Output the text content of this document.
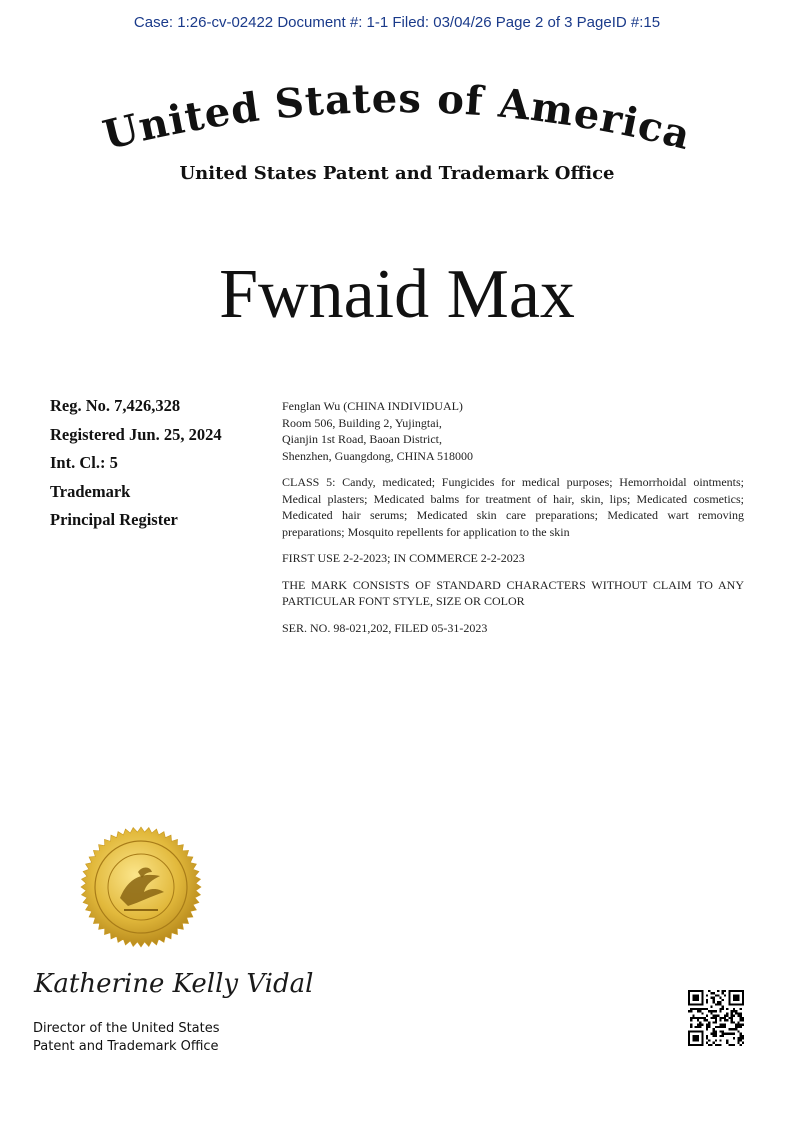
Case: 1:26-cv-02422 Document #: 1-1 Filed: 03/04/26 Page 2 of 3 PageID #:15
United States of America
United States Patent and Trademark Office
Fwnaid Max
Reg. No. 7,426,328
Registered Jun. 25, 2024
Int. Cl.: 5
Trademark
Principal Register

Fenglan Wu (CHINA INDIVIDUAL)
Room 506, Building 2, Yujingtai,
Qianjin 1st Road, Baoan District,
Shenzhen, Guangdong, CHINA 518000

CLASS 5: Candy, medicated; Fungicides for medical purposes; Hemorrhoidal ointments; Medical plasters; Medicated balms for treatment of hair, skin, lips; Medicated cosmetics; Medicated hair serums; Medicated skin care preparations; Medicated wart removing preparations; Mosquito repellents for application to the skin

FIRST USE 2-2-2023; IN COMMERCE 2-2-2023

THE MARK CONSISTS OF STANDARD CHARACTERS WITHOUT CLAIM TO ANY PARTICULAR FONT STYLE, SIZE OR COLOR

SER. NO. 98-021,202, FILED 05-31-2023

Katherine Kelly Vidal
Director of the United States
Patent and Trademark Office
